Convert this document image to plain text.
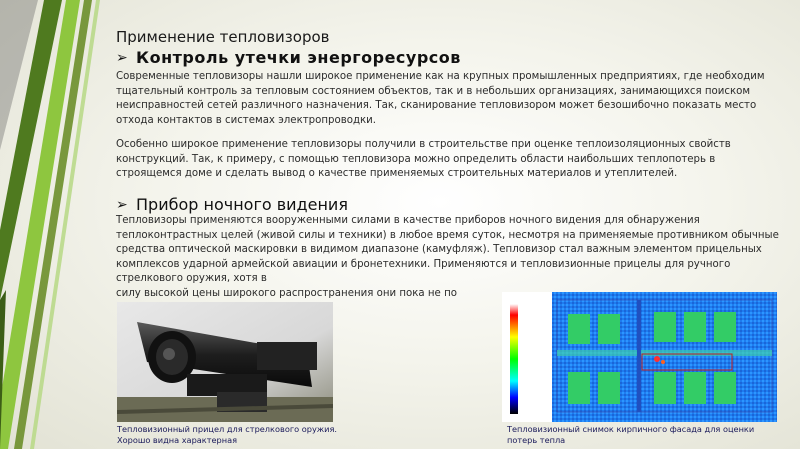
Применение тепловизоров
➢ Контроль утечки энергоресурсов

Современные тепловизоры нашли широкое применение как на крупных промышленных предприятиях, где необходим тщательный контроль за тепловым состоянием объектов, так и в небольших организациях, занимающихся поиском неисправностей сетей различного назначения. Так, сканирование тепловизором может безошибочно показать место отхода контактов в системах электропроводки.

Особенно широкое применение тепловизоры получили в строительстве при оценке теплоизоляционных свойств конструкций. Так, к примеру, с помощью тепловизора можно определить области наибольших теплопотерь в строящемся доме и сделать вывод о качестве применяемых строительных материалов и утеплителей.

➢ Прибор ночного видения

Тепловизоры применяются вооруженными силами в качестве приборов ночного видения для обнаружения теплоконтрастных целей (живой силы и техники) в любое время суток, несмотря на применяемые противником обычные средства оптической маскировки в видимом диапазоне (камуфляж). Тепловизор стал важным элементом прицельных комплексов ударной армейской авиации и бронетехники. Применяются и тепловизионные прицелы для ручного стрелкового оружия, хотя в
силу высокой цены широкого распространения они пока не по

Тепловизионный прицел для стрелкового оружия. Хорошо видна характерная
Тепловизионный снимок кирпичного фасада для оценки потерь тепла
